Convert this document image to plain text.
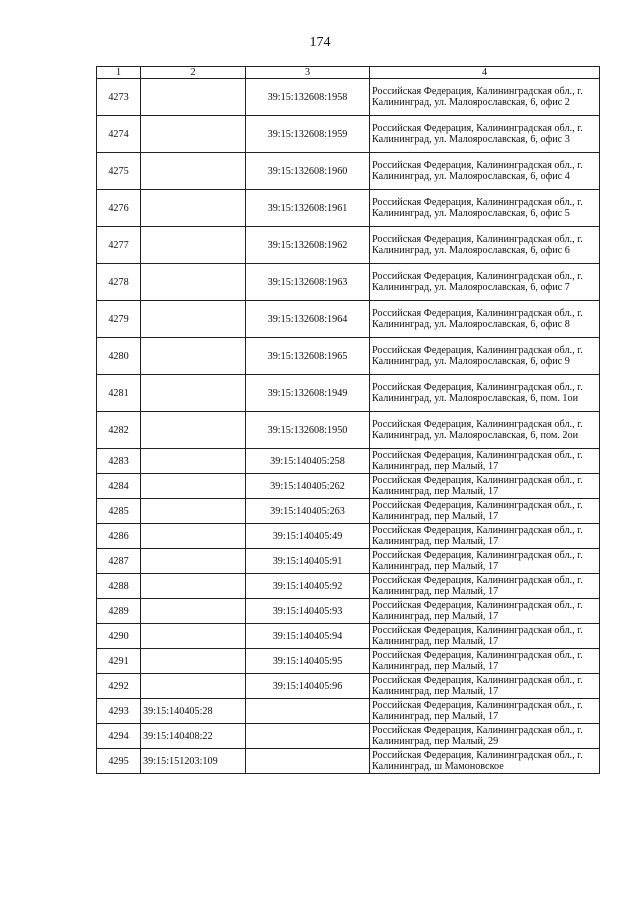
174
1	2	3	4
4273		39:15:132608:1958	Российская Федерация, Калининградская обл., г. Калининград, ул. Малоярославская, 6, офис 2
4274		39:15:132608:1959	Российская Федерация, Калининградская обл., г. Калининград, ул. Малоярославская, 6, офис 3
4275		39:15:132608:1960	Российская Федерация, Калининградская обл., г. Калининград, ул. Малоярославская, 6, офис 4
4276		39:15:132608:1961	Российская Федерация, Калининградская обл., г. Калининград, ул. Малоярославская, 6, офис 5
4277		39:15:132608:1962	Российская Федерация, Калининградская обл., г. Калининград, ул. Малоярославская, 6, офис 6
4278		39:15:132608:1963	Российская Федерация, Калининградская обл., г. Калининград, ул. Малоярославская, 6, офис 7
4279		39:15:132608:1964	Российская Федерация, Калининградская обл., г. Калининград, ул. Малоярославская, 6, офис 8
4280		39:15:132608:1965	Российская Федерация, Калининградская обл., г. Калининград, ул. Малоярославская, 6, офис 9
4281		39:15:132608:1949	Российская Федерация, Калининградская обл., г. Калининград, ул. Малоярославская, 6, пом. 1ои
4282		39:15:132608:1950	Российская Федерация, Калининградская обл., г. Калининград, ул. Малоярославская, 6, пом. 2ои
4283		39:15:140405:258	Российская Федерация, Калининградская обл., г. Калининград, пер Малый, 17
4284		39:15:140405:262	Российская Федерация, Калининградская обл., г. Калининград, пер Малый, 17
4285		39:15:140405:263	Российская Федерация, Калининградская обл., г. Калининград, пер Малый, 17
4286		39:15:140405:49	Российская Федерация, Калининградская обл., г. Калининград, пер Малый, 17
4287		39:15:140405:91	Российская Федерация, Калининградская обл., г. Калининград, пер Малый, 17
4288		39:15:140405:92	Российская Федерация, Калининградская обл., г. Калининград, пер Малый, 17
4289		39:15:140405:93	Российская Федерация, Калининградская обл., г. Калининград, пер Малый, 17
4290		39:15:140405:94	Российская Федерация, Калининградская обл., г. Калининград, пер Малый, 17
4291		39:15:140405:95	Российская Федерация, Калининградская обл., г. Калининград, пер Малый, 17
4292		39:15:140405:96	Российская Федерация, Калининградская обл., г. Калининград, пер Малый, 17
4293	39:15:140405:28		Российская Федерация, Калининградская обл., г. Калининград, пер Малый, 17
4294	39:15:140408:22		Российская Федерация, Калининградская обл., г. Калининград, пер Малый, 29
4295	39:15:151203:109		Российская Федерация, Калининградская обл., г. Калининград, ш Мамоновское
